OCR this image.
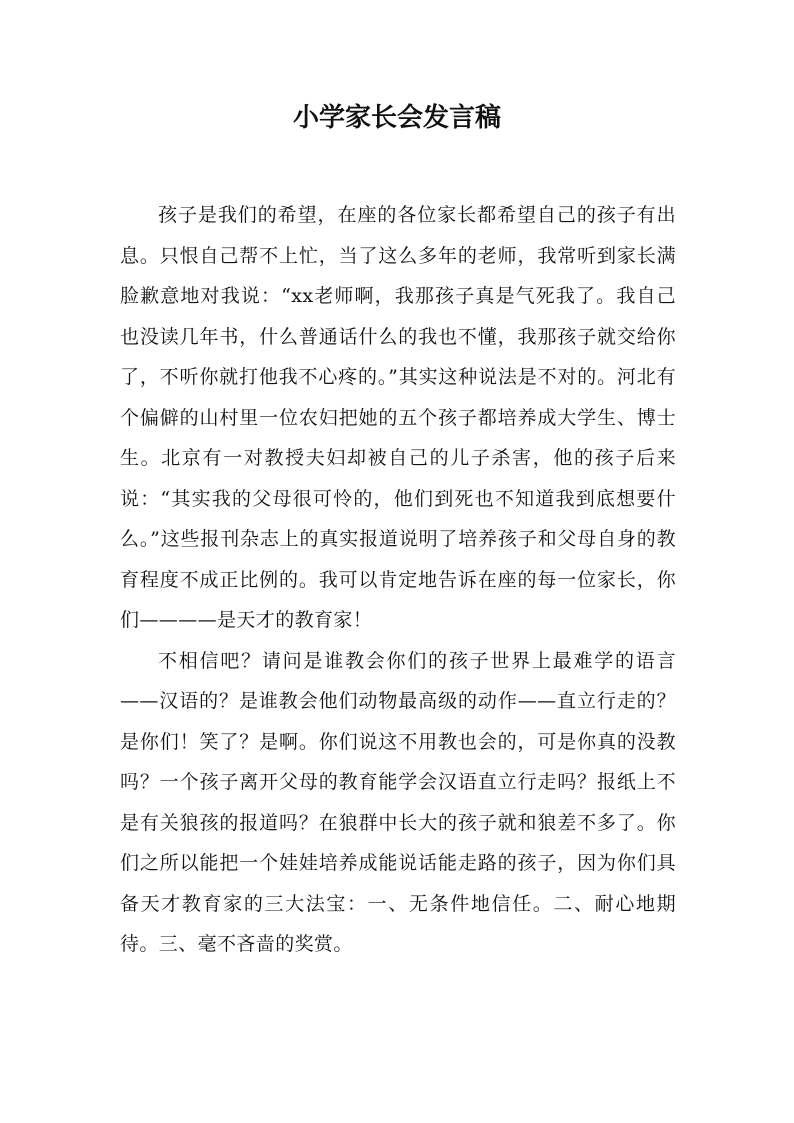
小学家长会发言稿

孩子是我们的希望，在座的各位家长都希望自己的孩子有出息。只恨自己帮不上忙，当了这么多年的老师，我常听到家长满脸歉意地对我说：“xx老师啊，我那孩子真是气死我了。我自己也没读几年书，什么普通话什么的我也不懂，我那孩子就交给你了，不听你就打他我不心疼的。”其实这种说法是不对的。河北有个偏僻的山村里一位农妇把她的五个孩子都培养成大学生、博士生。北京有一对教授夫妇却被自己的儿子杀害，他的孩子后来说：“其实我的父母很可怜的，他们到死也不知道我到底想要什么。”这些报刊杂志上的真实报道说明了培养孩子和父母自身的教育程度不成正比例的。我可以肯定地告诉在座的每一位家长，你们————是天才的教育家！

不相信吧？请问是谁教会你们的孩子世界上最难学的语言——汉语的？是谁教会他们动物最高级的动作——直立行走的？是你们！笑了？是啊。你们说这不用教也会的，可是你真的没教吗？一个孩子离开父母的教育能学会汉语直立行走吗？报纸上不是有关狼孩的报道吗？在狼群中长大的孩子就和狼差不多了。你们之所以能把一个娃娃培养成能说话能走路的孩子，因为你们具备天才教育家的三大法宝：一、无条件地信任。二、耐心地期待。三、毫不吝啬的奖赏。
